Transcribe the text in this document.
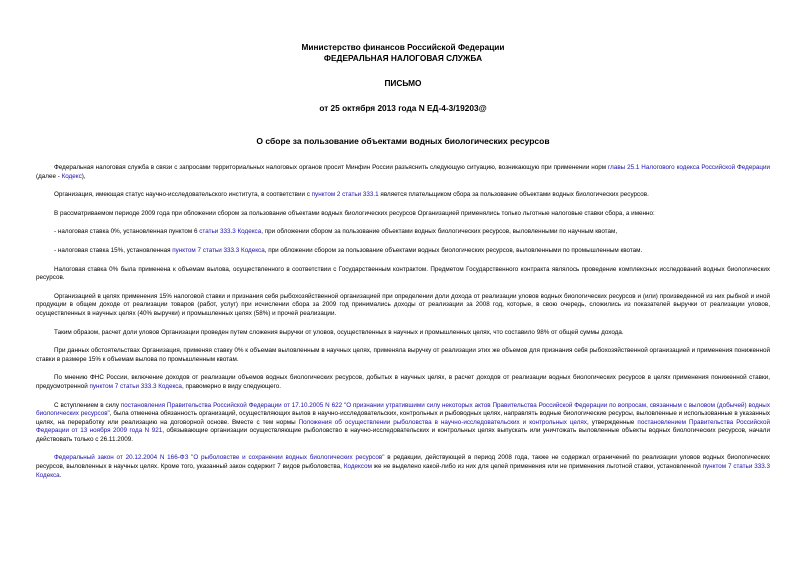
Министерство финансов Российской Федерации
ФЕДЕРАЛЬНАЯ НАЛОГОВАЯ СЛУЖБА
ПИСЬМО
от 25 октября 2013 года N ЕД-4-3/19203@
О сборе за пользование объектами водных биологических ресурсов

Федеральная налоговая служба в связи с запросами территориальных налоговых органов просит Минфин России разъяснить следующую ситуацию, возникающую при применении норм главы 25.1 Налогового кодекса Российской Федерации (далее - Кодекс),

Организация, имеющая статус научно-исследовательского института, в соответствии с пунктом 2 статьи 333.1 является плательщиком сбора за пользование объектами водных биологических ресурсов.

В рассматриваемом периоде 2009 года при обложении сбором за пользование объектами водных биологических ресурсов Организацией применялись только льготные налоговые ставки сбора, а именно:

- налоговая ставка 0%, установленная пунктом 6 статьи 333.3 Кодекса, при обложении сбором за пользование объектами водных биологических ресурсов, выловленными по научным квотам,

- налоговая ставка 15%, установленная пунктом 7 статьи 333.3 Кодекса, при обложении сбором за пользование объектами водных биологических ресурсов, выловленными по промышленным квотам.

Налоговая ставка 0% была применена к объемам вылова, осуществленного в соответствии с Государственным контрактом. Предметом Государственного контракта являлось проведение комплексных исследований водных биологических ресурсов.

Организацией в целях применения 15% налоговой ставки и признания себя рыбохозяйственной организацией при определении доли дохода от реализации уловов водных биологических ресурсов и (или) произведенной из них рыбной и иной продукции в общем доходе от реализации товаров (работ, услуг) при исчислении сбора за 2009 год принимались доходы от реализации за 2008 год, которые, в свою очередь, сложились из показателей выручки от реализации уловов, осуществленных в научных целях (40% выручки) и промышленных целях (58%) и прочей реализации.

Таким образом, расчет доли уловов Организации проведен путем сложения выручки от уловов, осуществленных в научных и промышленных целях, что составило 98% от общей суммы дохода.

При данных обстоятельствах Организация, применяя ставку 0% к объемам выловленным в научных целях, применяла выручку от реализации этих же объемов для признания себя рыбохозяйственной организацией и применения пониженной ставки в размере 15% к объемам вылова по промышленным квотам.

По мнению ФНС России, включение доходов от реализации объемов водных биологических ресурсов, добытых в научных целях, в расчет доходов от реализации водных биологических ресурсов в целях применения пониженной ставки, предусмотренной пунктом 7 статьи 333.3 Кодекса, правомерно в виду следующего.

С вступлением в силу постановления Правительства Российской Федерации от 17.10.2005 N 622 "О признании утратившими силу некоторых актов Правительства Российской Федерации по вопросам, связанным с выловом (добычей) водных биологических ресурсов", была отменена обязанность организаций, осуществляющих вылов в научно-исследовательских, контрольных и рыбоводных целях, направлять водные биологические ресурсы, выловленные и использованные в указанных целях, на переработку или реализацию на договорной основе. Вместе с тем нормы Положения об осуществлении рыболовства в научно-исследовательских и контрольных целях, утвержденные постановлением Правительства Российской Федерации от 13 ноября 2009 года N 921, обязывающие организации осуществляющие рыболовство в научно-исследовательских и контрольных целях выпускать или уничтожать выловленные объекты водных биологических ресурсов, начали действовать только с 26.11.2009.

Федеральный закон от 20.12.2004 N 166-ФЗ "О рыболовстве и сохранении водных биологических ресурсов" в редакции, действующей в период 2008 года, также не содержал ограничений по реализации уловов водных биологических ресурсов, выловленных в научных целях. Кроме того, указанный закон содержит 7 видов рыболовства, Кодексом же не выделено какой-либо из них для целей применения или не применения льготной ставки, установленной пунктом 7 статьи 333.3 Кодекса.
